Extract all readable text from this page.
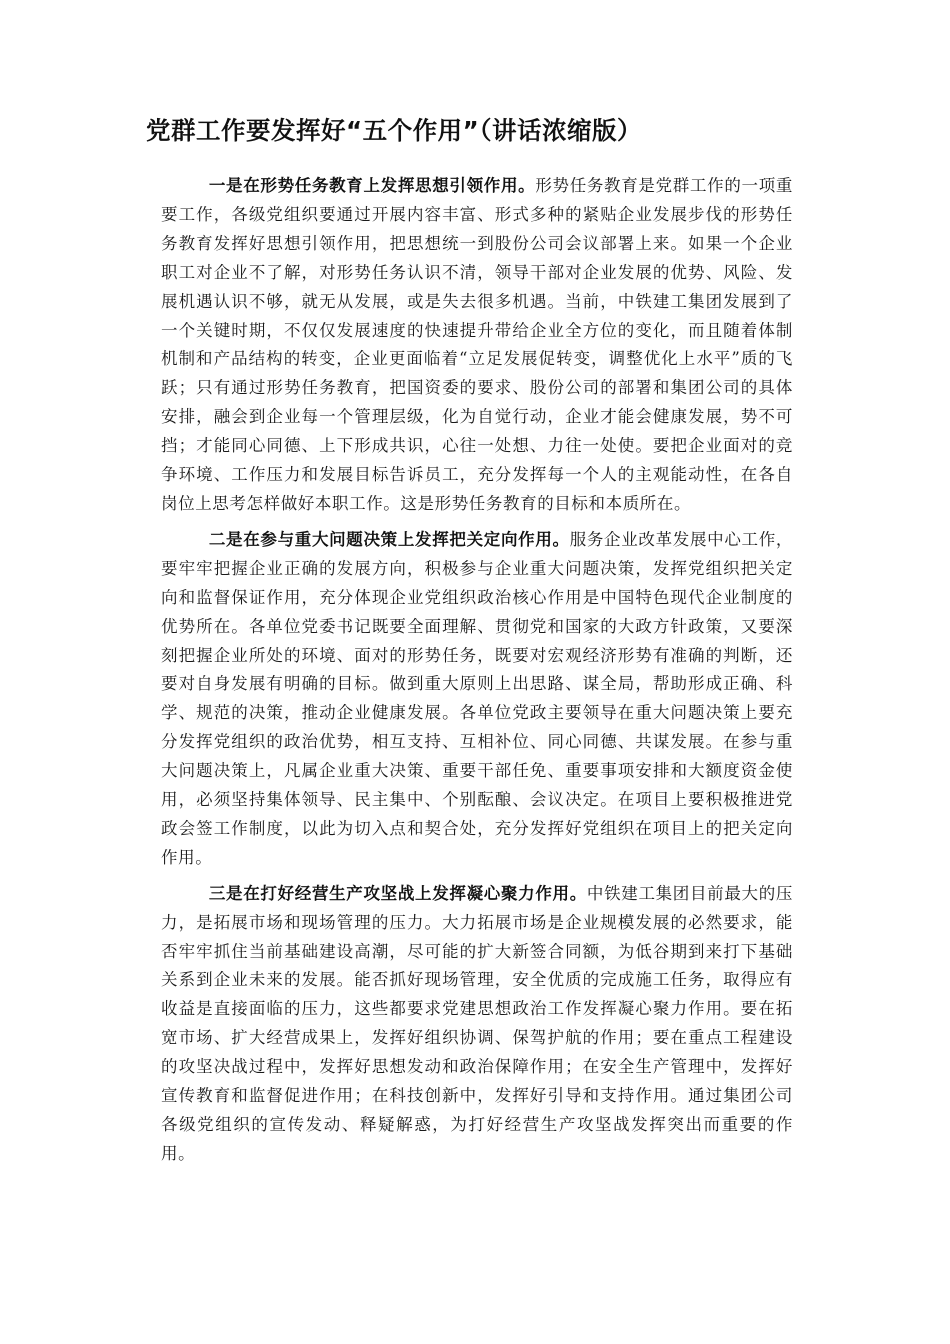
党群工作要发挥好“五个作用”（讲话浓缩版）

一是在形势任务教育上发挥思想引领作用。形势任务教育是党群工作的一项重要工作，各级党组织要通过开展内容丰富、形式多种的紧贴企业发展步伐的形势任务教育发挥好思想引领作用，把思想统一到股份公司会议部署上来。如果一个企业职工对企业不了解，对形势任务认识不清，领导干部对企业发展的优势、风险、发展机遇认识不够，就无从发展，或是失去很多机遇。当前，中铁建工集团发展到了一个关键时期，不仅仅发展速度的快速提升带给企业全方位的变化，而且随着体制机制和产品结构的转变，企业更面临着“立足发展促转变，调整优化上水平”质的飞跃；只有通过形势任务教育，把国资委的要求、股份公司的部署和集团公司的具体安排，融会到企业每一个管理层级，化为自觉行动，企业才能会健康发展，势不可挡；才能同心同德、上下形成共识，心往一处想、力往一处使。要把企业面对的竞争环境、工作压力和发展目标告诉员工，充分发挥每一个人的主观能动性，在各自岗位上思考怎样做好本职工作。这是形势任务教育的目标和本质所在。

二是在参与重大问题决策上发挥把关定向作用。服务企业改革发展中心工作，要牢牢把握企业正确的发展方向，积极参与企业重大问题决策，发挥党组织把关定向和监督保证作用，充分体现企业党组织政治核心作用是中国特色现代企业制度的优势所在。各单位党委书记既要全面理解、贯彻党和国家的大政方针政策，又要深刻把握企业所处的环境、面对的形势任务，既要对宏观经济形势有准确的判断，还要对自身发展有明确的目标。做到重大原则上出思路、谋全局，帮助形成正确、科学、规范的决策，推动企业健康发展。各单位党政主要领导在重大问题决策上要充分发挥党组织的政治优势，相互支持、互相补位、同心同德、共谋发展。在参与重大问题决策上，凡属企业重大决策、重要干部任免、重要事项安排和大额度资金使用，必须坚持集体领导、民主集中、个别酝酿、会议决定。在项目上要积极推进党政会签工作制度，以此为切入点和契合处，充分发挥好党组织在项目上的把关定向作用。

三是在打好经营生产攻坚战上发挥凝心聚力作用。中铁建工集团目前最大的压力，是拓展市场和现场管理的压力。大力拓展市场是企业规模发展的必然要求，能否牢牢抓住当前基础建设高潮，尽可能的扩大新签合同额，为低谷期到来打下基础关系到企业未来的发展。能否抓好现场管理，安全优质的完成施工任务，取得应有收益是直接面临的压力，这些都要求党建思想政治工作发挥凝心聚力作用。要在拓宽市场、扩大经营成果上，发挥好组织协调、保驾护航的作用；要在重点工程建设的攻坚决战过程中，发挥好思想发动和政治保障作用；在安全生产管理中，发挥好宣传教育和监督促进作用；在科技创新中，发挥好引导和支持作用。通过集团公司各级党组织的宣传发动、释疑解惑，为打好经营生产攻坚战发挥突出而重要的作用。
